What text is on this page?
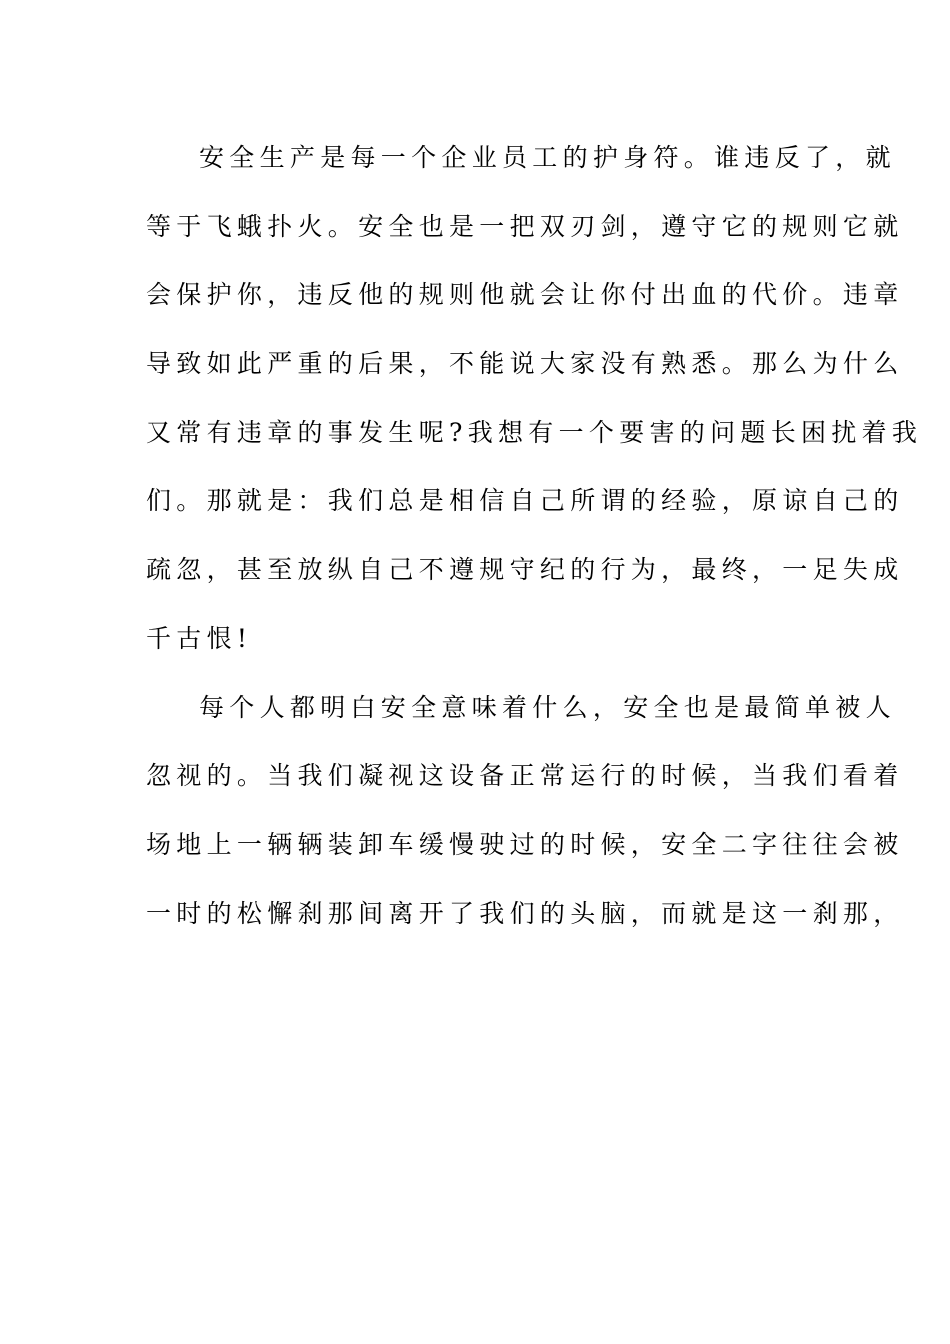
安全生产是每一个企业员工的护身符。谁违反了，就
等于飞蛾扑火。安全也是一把双刃剑，遵守它的规则它就
会保护你，违反他的规则他就会让你付出血的代价。违章
导致如此严重的后果，不能说大家没有熟悉。那么为什么
又常有违章的事发生呢?我想有一个要害的问题长困扰着我
们。那就是：我们总是相信自己所谓的经验，原谅自己的
疏忽，甚至放纵自己不遵规守纪的行为，最终，一足失成
千古恨!

每个人都明白安全意味着什么，安全也是最简单被人
忽视的。当我们凝视这设备正常运行的时候，当我们看着
场地上一辆辆装卸车缓慢驶过的时候，安全二字往往会被
一时的松懈刹那间离开了我们的头脑，而就是这一刹那，
